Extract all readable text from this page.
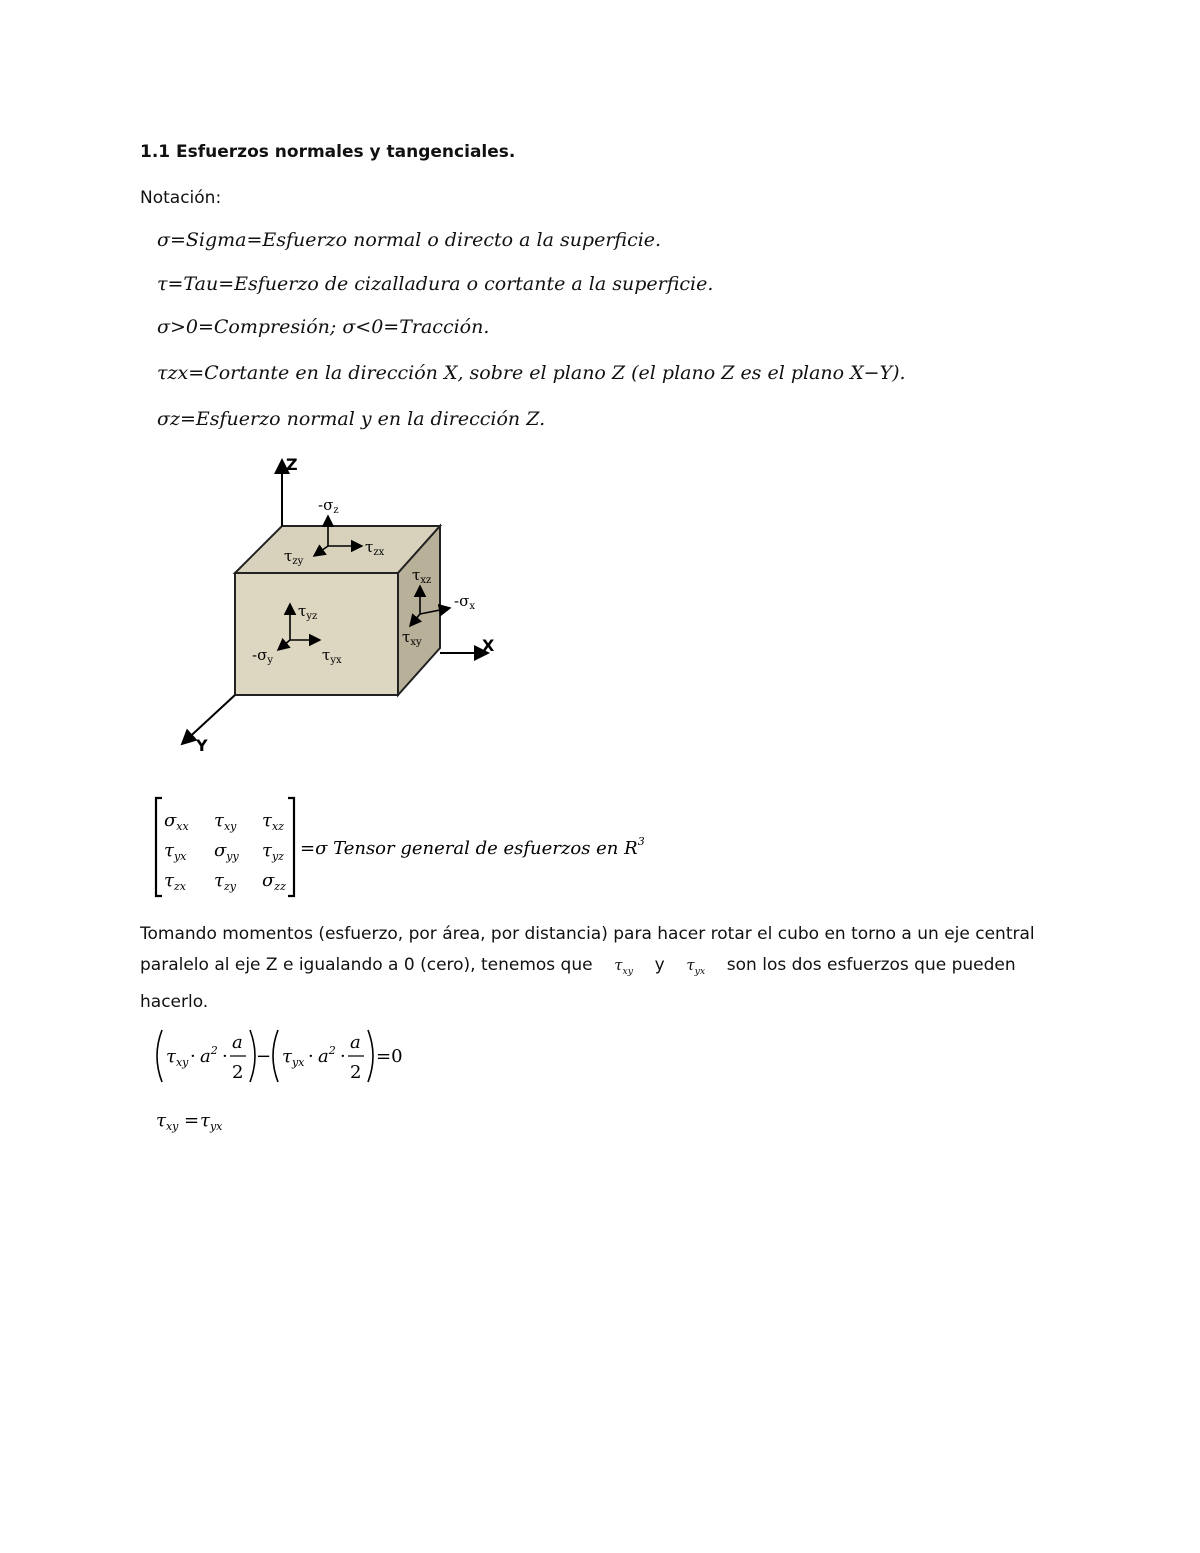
1.1 Esfuerzos normales y tangenciales.
Notación:
σ=Sigma=Esfuerzo normal o directo a la superficie.
τ=Tau=Esfuerzo de cizalladura o cortante a la superficie.
σ>0=Compresión; σ<0=Tracción.
τzx=Cortante en la dirección X, sobre el plano Z (el plano Z es el plano X−Y).
σz=Esfuerzo normal y en la dirección Z.
Z
X
Y
$-\sigma_z$
$\tau_{zy}$
$\tau_{zx}$
$\tau_{yz}$
$-\sigma_y$	$\tau_{yx}$
$\tau_{xz}$
$-\sigma_x$
$\tau_{xy}$
$\sigma_{xx}$ $\tau_{xy}$ $\tau_{xz}$
$\tau_{yx}$ $\sigma_{yy}$ $\tau_{yz}$
$\tau_{zx}$ $\tau_{zy}$ $\sigma_{zz}$
=σ Tensor general de esfuerzos en $R^3$
Tomando momentos (esfuerzo, por área, por distancia) para hacer rotar el cubo en torno a un eje central paralelo al eje Z e igualando a 0 (cero), tenemos que $\tau_{xy}$ y $\tau_{yx}$ son los dos esfuerzos que pueden hacerlo.
$\tau_{xy} \cdot a^2$ ·
a
2
− $\tau_{yx} \cdot a^2$ ·
a
2
=0
$\tau_{xy} = \tau_{yx}$
